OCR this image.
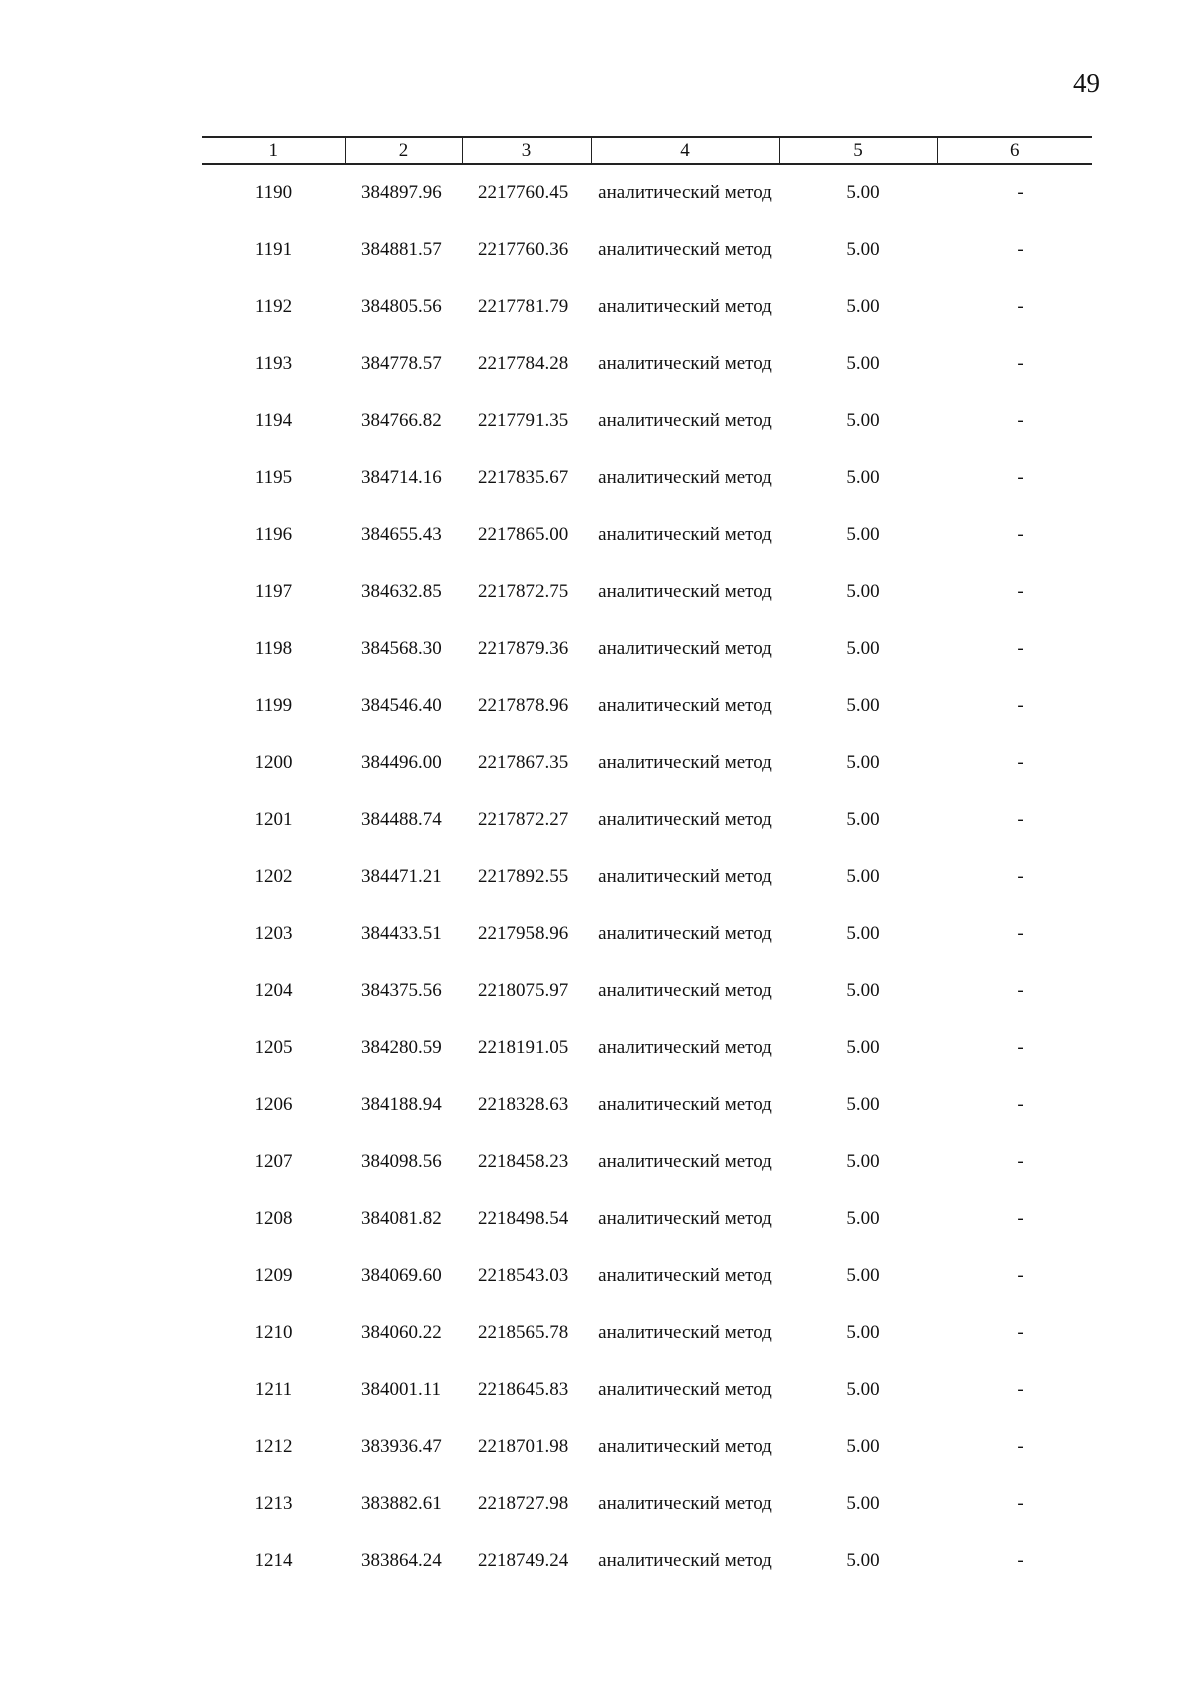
49
1	2	3	4	5	6
1190	384897.96	2217760.45	аналитический метод	5.00	-
1191	384881.57	2217760.36	аналитический метод	5.00	-
1192	384805.56	2217781.79	аналитический метод	5.00	-
1193	384778.57	2217784.28	аналитический метод	5.00	-
1194	384766.82	2217791.35	аналитический метод	5.00	-
1195	384714.16	2217835.67	аналитический метод	5.00	-
1196	384655.43	2217865.00	аналитический метод	5.00	-
1197	384632.85	2217872.75	аналитический метод	5.00	-
1198	384568.30	2217879.36	аналитический метод	5.00	-
1199	384546.40	2217878.96	аналитический метод	5.00	-
1200	384496.00	2217867.35	аналитический метод	5.00	-
1201	384488.74	2217872.27	аналитический метод	5.00	-
1202	384471.21	2217892.55	аналитический метод	5.00	-
1203	384433.51	2217958.96	аналитический метод	5.00	-
1204	384375.56	2218075.97	аналитический метод	5.00	-
1205	384280.59	2218191.05	аналитический метод	5.00	-
1206	384188.94	2218328.63	аналитический метод	5.00	-
1207	384098.56	2218458.23	аналитический метод	5.00	-
1208	384081.82	2218498.54	аналитический метод	5.00	-
1209	384069.60	2218543.03	аналитический метод	5.00	-
1210	384060.22	2218565.78	аналитический метод	5.00	-
1211	384001.11	2218645.83	аналитический метод	5.00	-
1212	383936.47	2218701.98	аналитический метод	5.00	-
1213	383882.61	2218727.98	аналитический метод	5.00	-
1214	383864.24	2218749.24	аналитический метод	5.00	-
